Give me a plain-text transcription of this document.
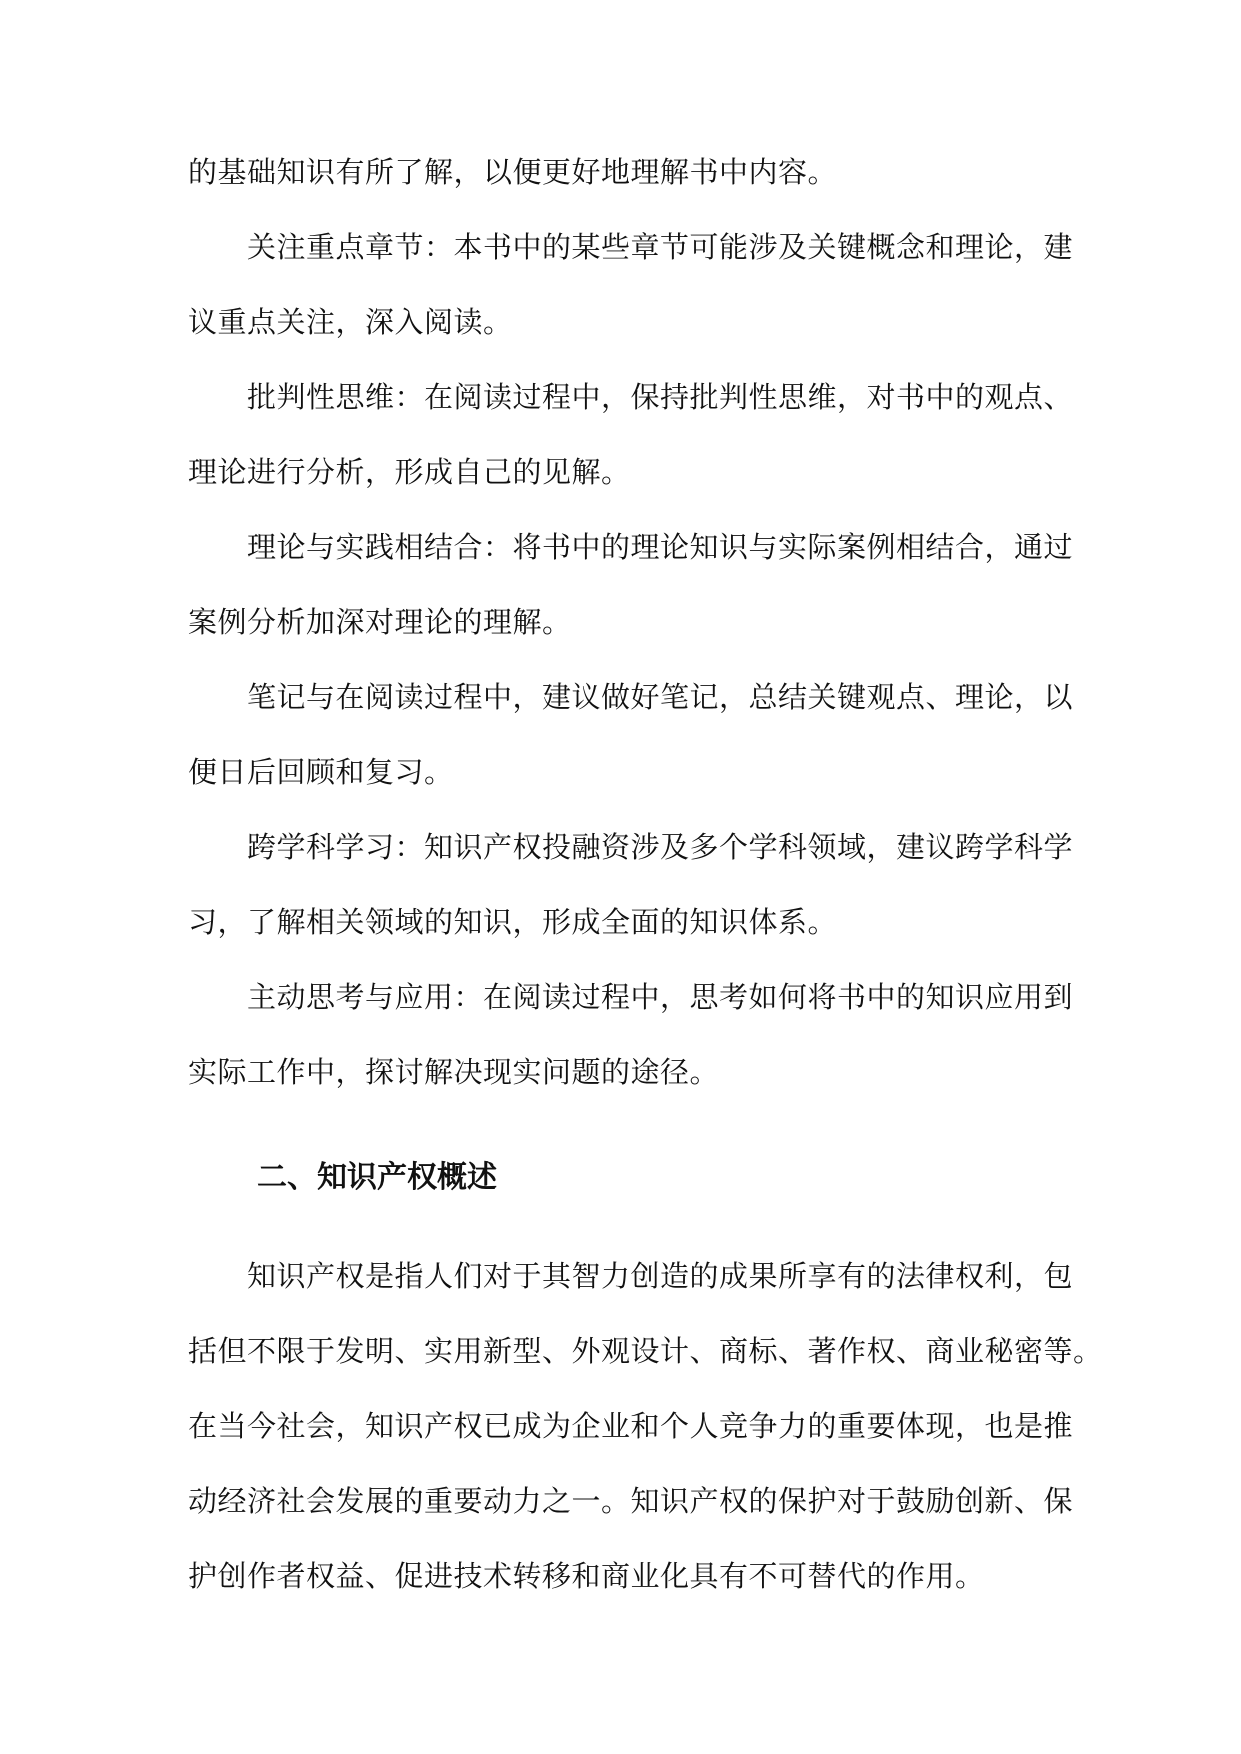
的基础知识有所了解，以便更好地理解书中内容。
关注重点章节：本书中的某些章节可能涉及关键概念和理论，建
议重点关注，深入阅读。
批判性思维：在阅读过程中，保持批判性思维，对书中的观点、
理论进行分析，形成自己的见解。
理论与实践相结合：将书中的理论知识与实际案例相结合，通过
案例分析加深对理论的理解。
笔记与在阅读过程中，建议做好笔记，总结关键观点、理论，以
便日后回顾和复习。
跨学科学习：知识产权投融资涉及多个学科领域，建议跨学科学
习，了解相关领域的知识，形成全面的知识体系。
主动思考与应用：在阅读过程中，思考如何将书中的知识应用到
实际工作中，探讨解决现实问题的途径。
二、知识产权概述
知识产权是指人们对于其智力创造的成果所享有的法律权利，包
括但不限于发明、实用新型、外观设计、商标、著作权、商业秘密等。
在当今社会，知识产权已成为企业和个人竞争力的重要体现，也是推
动经济社会发展的重要动力之一。知识产权的保护对于鼓励创新、保
护创作者权益、促进技术转移和商业化具有不可替代的作用。
